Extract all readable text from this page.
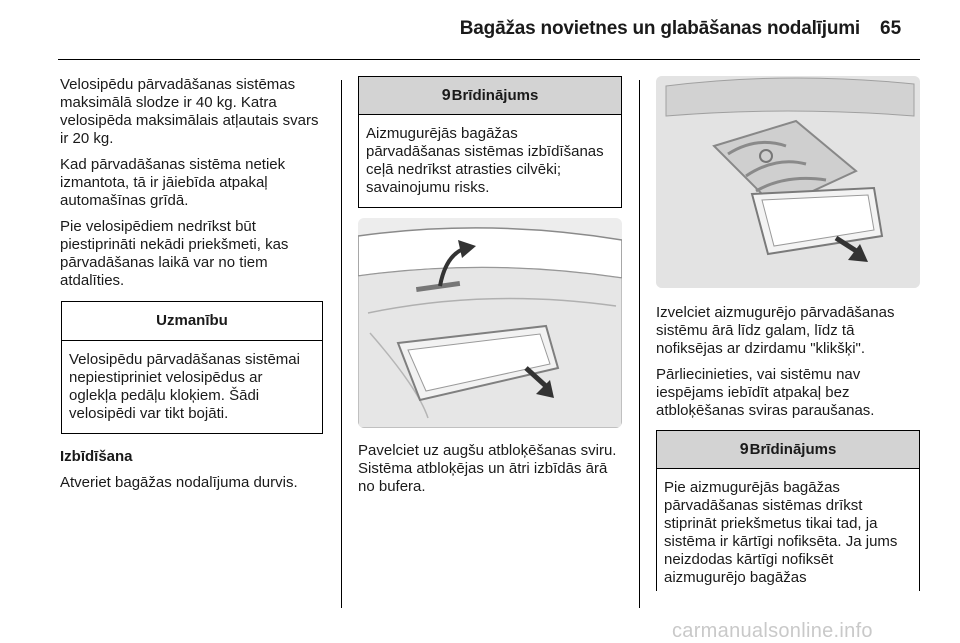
Bagāžas novietnes un glabāšanas nodalījumi 65

Velosipēdu pārvadāšanas sistēmas maksimālā slodze ir 40 kg. Katra velosipēda maksimālais atļautais svars ir 20 kg.

Kad pārvadāšanas sistēma netiek izmantota, tā ir jāiebīda atpakaļ automašīnas grīdā.

Pie velosipēdiem nedrīkst būt piestiprināti nekādi priekšmeti, kas pārvadāšanas laikā var no tiem atdalīties.

Uzmanību
Velosipēdu pārvadāšanas sistēmai nepiestipriniet velosipēdus ar oglekļa pedāļu kloķiem. Šādi velosipēdi var tikt bojāti.

Izbīdīšana

Atveriet bagāžas nodalījuma durvis.

9Brīdinājums
Aizmugurējās bagāžas pārvadāšanas sistēmas izbīdīšanas ceļā nedrīkst atrasties cilvēki; savainojumu risks.

Pavelciet uz augšu atbloķēšanas sviru. Sistēma atbloķējas un ātri izbīdās ārā no bufera.

Izvelciet aizmugurējo pārvadāšanas sistēmu ārā līdz galam, līdz tā nofiksējas ar dzirdamu "klikšķi".

Pārliecinieties, vai sistēmu nav iespējams iebīdīt atpakaļ bez atbloķēšanas sviras paraušanas.

9Brīdinājums
Pie aizmugurējās bagāžas pārvadāšanas sistēmas drīkst stiprināt priekšmetus tikai tad, ja sistēma ir kārtīgi nofiksēta. Ja jums neizdodas kārtīgi nofiksēt aizmugurējo bagāžas
carmanualsonline.info
